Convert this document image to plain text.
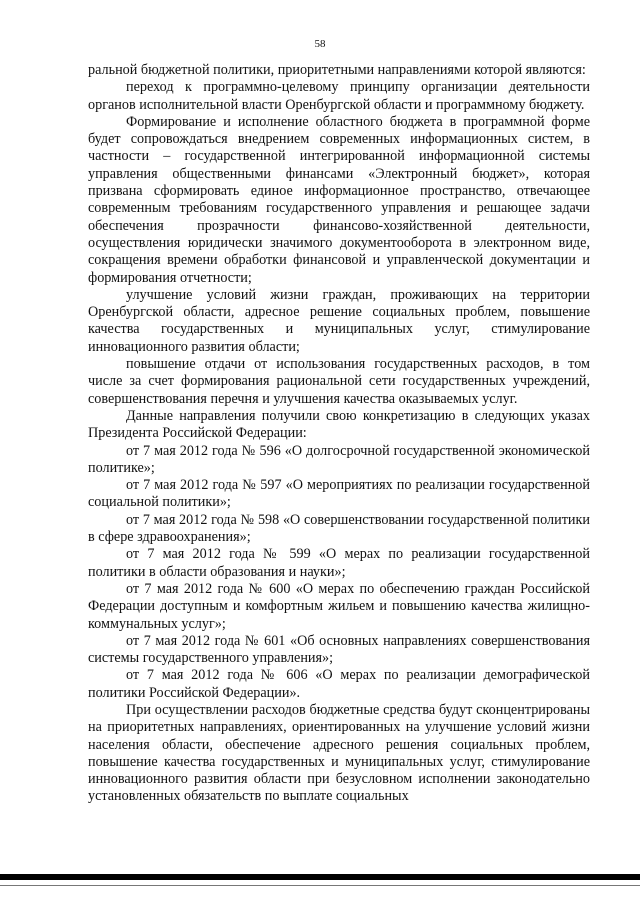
58

ральной бюджетной политики, приоритетными направлениями которой являются:

переход к программно-целевому принципу организации деятельности органов исполнительной власти Оренбургской области и программному бюджету.

Формирование и исполнение областного бюджета в программной форме будет сопровождаться внедрением современных информационных систем, в частности – государственной интегрированной информационной системы управления общественными финансами «Электронный бюджет», которая призвана сформировать единое информационное пространство, отвечающее современным требованиям государственного управления и решающее задачи обеспечения прозрачности финансово-хозяйственной деятельности, осуществления юридически значимого документооборота в электронном виде, сокращения времени обработки финансовой и управленческой документации и формирования отчетности;

улучшение условий жизни граждан, проживающих на территории Оренбургской области, адресное решение социальных проблем, повышение качества государственных и муниципальных услуг, стимулирование инновационного развития области;

повышение отдачи от использования государственных расходов, в том числе за счет формирования рациональной сети государственных учреждений, совершенствования перечня и улучшения качества оказываемых услуг.

Данные направления получили свою конкретизацию в следующих указах Президента Российской Федерации:

от 7 мая 2012 года № 596 «О долгосрочной государственной экономической политике»;

от 7 мая 2012 года № 597 «О мероприятиях по реализации государственной социальной политики»;

от 7 мая 2012 года № 598 «О совершенствовании государственной политики в сфере здравоохранения»;

от 7 мая 2012 года № 599 «О мерах по реализации государственной политики в области образования и науки»;

от 7 мая 2012 года № 600 «О мерах по обеспечению граждан Российской Федерации доступным и комфортным жильем и повышению качества жилищно-коммунальных услуг»;

от 7 мая 2012 года № 601 «Об основных направлениях совершенствования системы государственного управления»;

от 7 мая 2012 года № 606 «О мерах по реализации демографической политики Российской Федерации».

При осуществлении расходов бюджетные средства будут сконцентрированы на приоритетных направлениях, ориентированных на улучшение условий жизни населения области, обеспечение адресного решения социальных проблем, повышение качества государственных и муниципальных услуг, стимулирование инновационного развития области при безусловном исполнении законодательно установленных обязательств по выплате социальных
